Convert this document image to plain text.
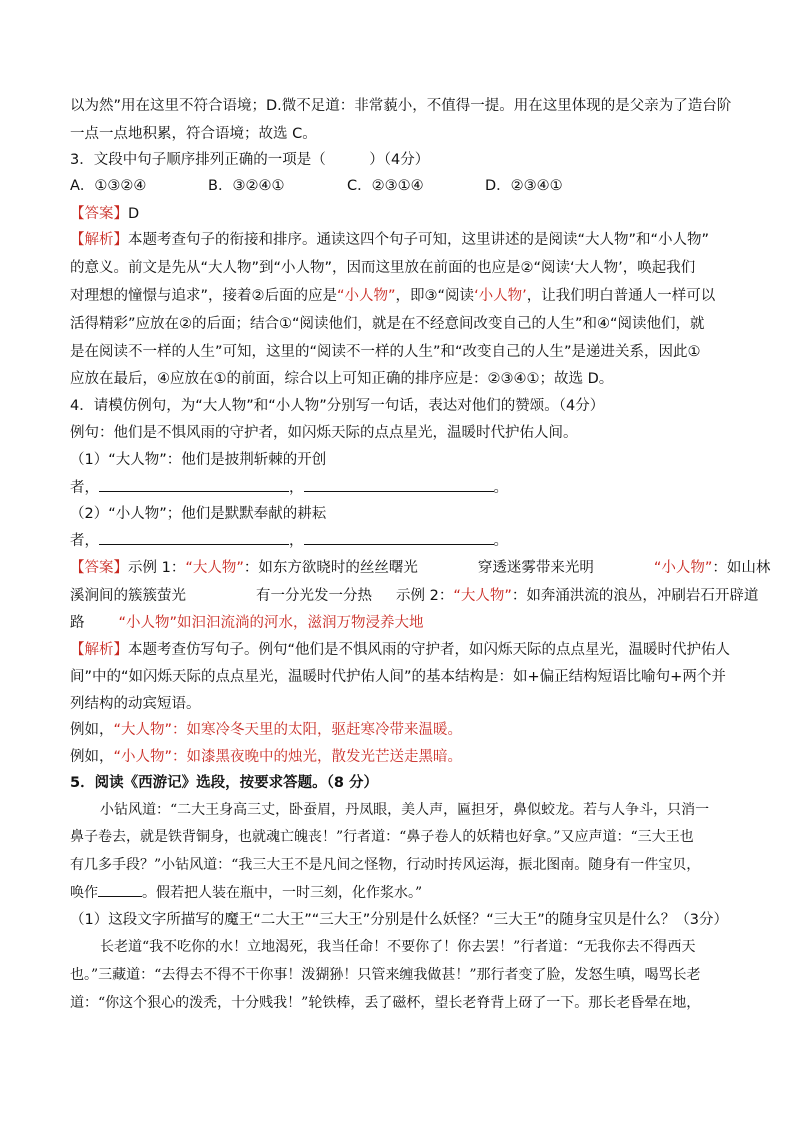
以为然”用在这里不符合语境；D.微不足道：非常藐小，不值得一提。用在这里体现的是父亲为了造台阶
一点一点地积累，符合语境；故选 C。
3．文段中句子顺序排列正确的一项是（　　　）（4分）
A．①③②④	B．③②④①	C．②③①④	D．②③④①
【答案】D
【解析】本题考查句子的衔接和排序。通读这四个句子可知，这里讲述的是阅读“大人物”和“小人物”
的意义。前文是先从“大人物”到“小人物”，因而这里放在前面的也应是②“阅读‘大人物’，唤起我们
对理想的憧憬与追求”，接着②后面的应是“小人物”，即③“阅读‘小人物’，让我们明白普通人一样可以
活得精彩”应放在②的后面；结合①“阅读他们，就是在不经意间改变自己的人生”和④“阅读他们，就
是在阅读不一样的人生”可知，这里的“阅读不一样的人生”和“改变自己的人生”是递进关系，因此①
应放在最后，④应放在①的前面，综合以上可知正确的排序应是：②③④①；故选 D。
4．请模仿例句，为“大人物”和“小人物”分别写一句话，表达对他们的赞颂。（4分）
例句：他们是不惧风雨的守护者，如闪烁天际的点点星光，温暖时代护佑人间。
（1）“大人物”：他们是披荆斩棘的开创
者，	，	。
（2）“小人物”；他们是默默奉献的耕耘
者，	，	。
【答案】示例 1：“大人物”：如东方欲晓时的丝丝曙光	穿透迷雾带来光明	“小人物”：如山林
溪涧间的簇簇萤光	有一分光发一分热 示例 2：“大人物”：如奔涌洪流的浪丛，冲刷岩石开辟道
路 “小人物”如汩汩流淌的河水，滋润万物浸养大地
【解析】本题考查仿写句子。例句“他们是不惧风雨的守护者，如闪烁天际的点点星光，温暖时代护佑人
间”中的“如闪烁天际的点点星光，温暖时代护佑人间”的基本结构是：如+偏正结构短语比喻句+两个并
列结构的动宾短语。
例如，“大人物”：如寒冷冬天里的太阳，驱赶寒冷带来温暖。
例如，“小人物”：如漆黑夜晚中的烛光，散发光芒送走黑暗。
5．阅读《西游记》选段，按要求答题。（8 分）
小钻风道：“二大王身高三丈，卧蚕眉，丹凤眼，美人声，匾担牙，鼻似蛟龙。若与人争斗，只消一
鼻子卷去，就是铁背铜身，也就魂亡魄丧！”行者道：“鼻子卷人的妖精也好拿。”又应声道：“三大王也
有几多手段？”小钻风道：“我三大王不是凡间之怪物，行动时抟风运海，振北图南。随身有一件宝贝，
唤作	。假若把人装在瓶中，一时三刻，化作浆水。”
（1）这段文字所描写的魔王“二大王”“三大王”分别是什么妖怪？“三大王”的随身宝贝是什么？（3分）
长老道“我不吃你的水！立地渴死，我当任命！不要你了！你去罢！”行者道：“无我你去不得西天
也。”三藏道：“去得去不得不干你事！泼猢狲！只管来缠我做甚！”那行者变了脸，发怒生嗔，喝骂长老
道：“你这个狠心的泼秃，十分贱我！”轮铁棒，丢了磁杯，望长老脊背上砑了一下。那长老昏晕在地，
